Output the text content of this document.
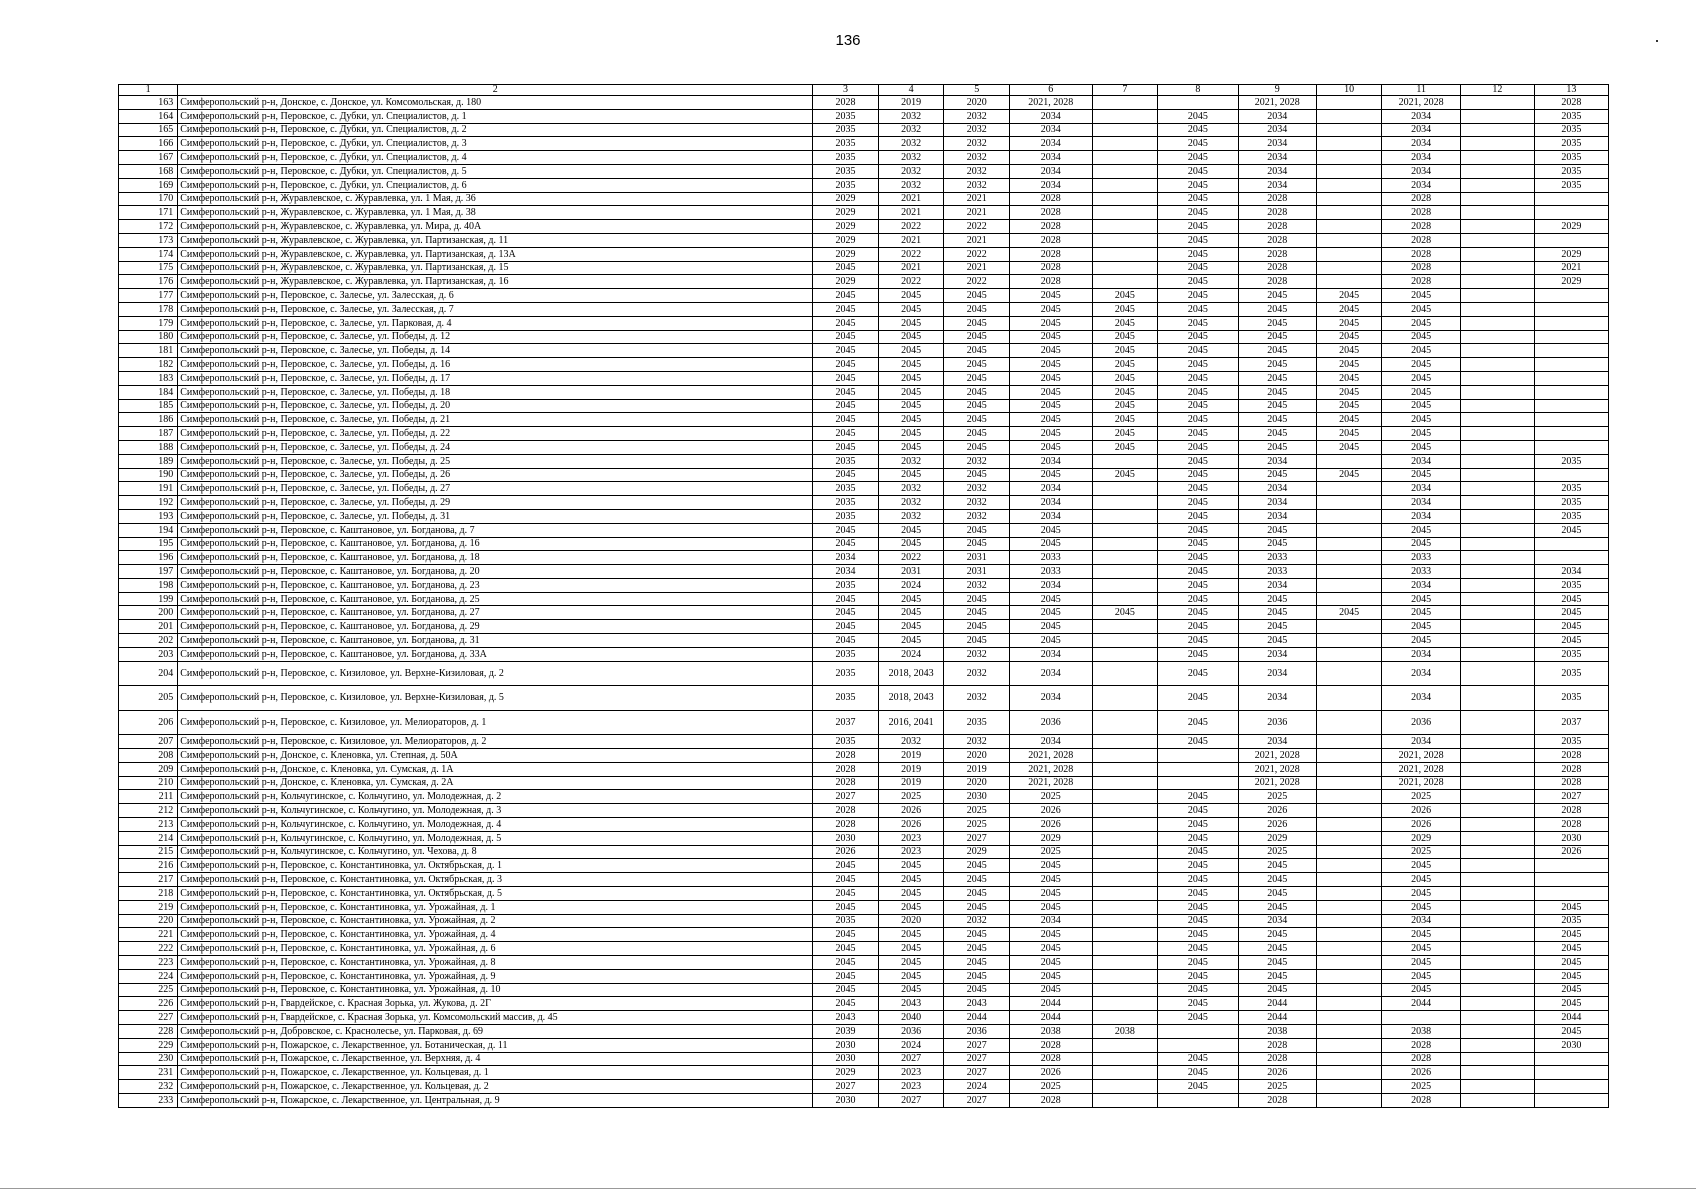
136
1	2	3	4	5	6	7	8	9	10	11	12	13
163	Симферопольский р-н, Донское, с. Донское, ул. Комсомольская, д. 180	2028	2019	2020	2021, 2028			2021, 2028		2021, 2028		2028
164	Симферопольский р-н, Перовское, с. Дубки, ул. Специалистов, д. 1	2035	2032	2032	2034		2045	2034		2034		2035
165	Симферопольский р-н, Перовское, с. Дубки, ул. Специалистов, д. 2	2035	2032	2032	2034		2045	2034		2034		2035
166	Симферопольский р-н, Перовское, с. Дубки, ул. Специалистов, д. 3	2035	2032	2032	2034		2045	2034		2034		2035
167	Симферопольский р-н, Перовское, с. Дубки, ул. Специалистов, д. 4	2035	2032	2032	2034		2045	2034		2034		2035
168	Симферопольский р-н, Перовское, с. Дубки, ул. Специалистов, д. 5	2035	2032	2032	2034		2045	2034		2034		2035
169	Симферопольский р-н, Перовское, с. Дубки, ул. Специалистов, д. 6	2035	2032	2032	2034		2045	2034		2034		2035
170	Симферопольский р-н, Журавлевское, с. Журавлевка, ул. 1 Мая, д. 36	2029	2021	2021	2028		2045	2028		2028		
171	Симферопольский р-н, Журавлевское, с. Журавлевка, ул. 1 Мая, д. 38	2029	2021	2021	2028		2045	2028		2028		
172	Симферопольский р-н, Журавлевское, с. Журавлевка, ул. Мира, д. 40А	2029	2022	2022	2028		2045	2028		2028		2029
173	Симферопольский р-н, Журавлевское, с. Журавлевка, ул. Партизанская, д. 11	2029	2021	2021	2028		2045	2028		2028		
174	Симферопольский р-н, Журавлевское, с. Журавлевка, ул. Партизанская, д. 13А	2029	2022	2022	2028		2045	2028		2028		2029
175	Симферопольский р-н, Журавлевское, с. Журавлевка, ул. Партизанская, д. 15	2045	2021	2021	2028		2045	2028		2028		2021
176	Симферопольский р-н, Журавлевское, с. Журавлевка, ул. Партизанская, д. 16	2029	2022	2022	2028		2045	2028		2028		2029
177	Симферопольский р-н, Перовское, с. Залесье, ул. Залесская, д. 6	2045	2045	2045	2045	2045	2045	2045	2045	2045		
178	Симферопольский р-н, Перовское, с. Залесье, ул. Залесская, д. 7	2045	2045	2045	2045	2045	2045	2045	2045	2045		
179	Симферопольский р-н, Перовское, с. Залесье, ул. Парковая, д. 4	2045	2045	2045	2045	2045	2045	2045	2045	2045		
180	Симферопольский р-н, Перовское, с. Залесье, ул. Победы, д. 12	2045	2045	2045	2045	2045	2045	2045	2045	2045		
181	Симферопольский р-н, Перовское, с. Залесье, ул. Победы, д. 14	2045	2045	2045	2045	2045	2045	2045	2045	2045		
182	Симферопольский р-н, Перовское, с. Залесье, ул. Победы, д. 16	2045	2045	2045	2045	2045	2045	2045	2045	2045		
183	Симферопольский р-н, Перовское, с. Залесье, ул. Победы, д. 17	2045	2045	2045	2045	2045	2045	2045	2045	2045		
184	Симферопольский р-н, Перовское, с. Залесье, ул. Победы, д. 18	2045	2045	2045	2045	2045	2045	2045	2045	2045		
185	Симферопольский р-н, Перовское, с. Залесье, ул. Победы, д. 20	2045	2045	2045	2045	2045	2045	2045	2045	2045		
186	Симферопольский р-н, Перовское, с. Залесье, ул. Победы, д. 21	2045	2045	2045	2045	2045	2045	2045	2045	2045		
187	Симферопольский р-н, Перовское, с. Залесье, ул. Победы, д. 22	2045	2045	2045	2045	2045	2045	2045	2045	2045		
188	Симферопольский р-н, Перовское, с. Залесье, ул. Победы, д. 24	2045	2045	2045	2045	2045	2045	2045	2045	2045		
189	Симферопольский р-н, Перовское, с. Залесье, ул. Победы, д. 25	2035	2032	2032	2034		2045	2034		2034		2035
190	Симферопольский р-н, Перовское, с. Залесье, ул. Победы, д. 26	2045	2045	2045	2045	2045	2045	2045	2045	2045		
191	Симферопольский р-н, Перовское, с. Залесье, ул. Победы, д. 27	2035	2032	2032	2034		2045	2034		2034		2035
192	Симферопольский р-н, Перовское, с. Залесье, ул. Победы, д. 29	2035	2032	2032	2034		2045	2034		2034		2035
193	Симферопольский р-н, Перовское, с. Залесье, ул. Победы, д. 31	2035	2032	2032	2034		2045	2034		2034		2035
194	Симферопольский р-н, Перовское, с. Каштановое, ул. Богданова, д. 7	2045	2045	2045	2045		2045	2045		2045		2045
195	Симферопольский р-н, Перовское, с. Каштановое, ул. Богданова, д. 16	2045	2045	2045	2045		2045	2045		2045		
196	Симферопольский р-н, Перовское, с. Каштановое, ул. Богданова, д. 18	2034	2022	2031	2033		2045	2033		2033		
197	Симферопольский р-н, Перовское, с. Каштановое, ул. Богданова, д. 20	2034	2031	2031	2033		2045	2033		2033		2034
198	Симферопольский р-н, Перовское, с. Каштановое, ул. Богданова, д. 23	2035	2024	2032	2034		2045	2034		2034		2035
199	Симферопольский р-н, Перовское, с. Каштановое, ул. Богданова, д. 25	2045	2045	2045	2045		2045	2045		2045		2045
200	Симферопольский р-н, Перовское, с. Каштановое, ул. Богданова, д. 27	2045	2045	2045	2045	2045	2045	2045	2045	2045		2045
201	Симферопольский р-н, Перовское, с. Каштановое, ул. Богданова, д. 29	2045	2045	2045	2045		2045	2045		2045		2045
202	Симферопольский р-н, Перовское, с. Каштановое, ул. Богданова, д. 31	2045	2045	2045	2045		2045	2045		2045		2045
203	Симферопольский р-н, Перовское, с. Каштановое, ул. Богданова, д. 33А	2035	2024	2032	2034		2045	2034		2034		2035
204	Симферопольский р-н, Перовское, с. Кизиловое, ул. Верхне-Кизиловая, д. 2	2035	2018, 2043	2032	2034		2045	2034		2034		2035
205	Симферопольский р-н, Перовское, с. Кизиловое, ул. Верхне-Кизиловая, д. 5	2035	2018, 2043	2032	2034		2045	2034		2034		2035
206	Симферопольский р-н, Перовское, с. Кизиловое, ул. Мелиораторов, д. 1	2037	2016, 2041	2035	2036		2045	2036		2036		2037
207	Симферопольский р-н, Перовское, с. Кизиловое, ул. Мелиораторов, д. 2	2035	2032	2032	2034		2045	2034		2034		2035
208	Симферопольский р-н, Донское, с. Кленовка, ул. Степная, д. 50А	2028	2019	2020	2021, 2028			2021, 2028		2021, 2028		2028
209	Симферопольский р-н, Донское, с. Кленовка, ул. Сумская, д. 1А	2028	2019	2019	2021, 2028			2021, 2028		2021, 2028		2028
210	Симферопольский р-н, Донское, с. Кленовка, ул. Сумская, д. 2А	2028	2019	2020	2021, 2028			2021, 2028		2021, 2028		2028
211	Симферопольский р-н, Кольчугинское, с. Кольчугино, ул. Молодежная, д. 2	2027	2025	2030	2025		2045	2025		2025		2027
212	Симферопольский р-н, Кольчугинское, с. Кольчугино, ул. Молодежная, д. 3	2028	2026	2025	2026		2045	2026		2026		2028
213	Симферопольский р-н, Кольчугинское, с. Кольчугино, ул. Молодежная, д. 4	2028	2026	2025	2026		2045	2026		2026		2028
214	Симферопольский р-н, Кольчугинское, с. Кольчугино, ул. Молодежная, д. 5	2030	2023	2027	2029		2045	2029		2029		2030
215	Симферопольский р-н, Кольчугинское, с. Кольчугино, ул. Чехова, д. 8	2026	2023	2029	2025		2045	2025		2025		2026
216	Симферопольский р-н, Перовское, с. Константиновка, ул. Октябрьская, д. 1	2045	2045	2045	2045		2045	2045		2045		
217	Симферопольский р-н, Перовское, с. Константиновка, ул. Октябрьская, д. 3	2045	2045	2045	2045		2045	2045		2045		
218	Симферопольский р-н, Перовское, с. Константиновка, ул. Октябрьская, д. 5	2045	2045	2045	2045		2045	2045		2045		
219	Симферопольский р-н, Перовское, с. Константиновка, ул. Урожайная, д. 1	2045	2045	2045	2045		2045	2045		2045		2045
220	Симферопольский р-н, Перовское, с. Константиновка, ул. Урожайная, д. 2	2035	2020	2032	2034		2045	2034		2034		2035
221	Симферопольский р-н, Перовское, с. Константиновка, ул. Урожайная, д. 4	2045	2045	2045	2045		2045	2045		2045		2045
222	Симферопольский р-н, Перовское, с. Константиновка, ул. Урожайная, д. 6	2045	2045	2045	2045		2045	2045		2045		2045
223	Симферопольский р-н, Перовское, с. Константиновка, ул. Урожайная, д. 8	2045	2045	2045	2045		2045	2045		2045		2045
224	Симферопольский р-н, Перовское, с. Константиновка, ул. Урожайная, д. 9	2045	2045	2045	2045		2045	2045		2045		2045
225	Симферопольский р-н, Перовское, с. Константиновка, ул. Урожайная, д. 10	2045	2045	2045	2045		2045	2045		2045		2045
226	Симферопольский р-н, Гвардейское, с. Красная Зорька, ул. Жукова, д. 2Г	2045	2043	2043	2044		2045	2044		2044		2045
227	Симферопольский р-н, Гвардейское, с. Красная Зорька, ул. Комсомольский массив, д. 45	2043	2040	2044	2044		2045	2044				2044
228	Симферопольский р-н, Добровское, с. Краснолесье, ул. Парковая, д. 69	2039	2036	2036	2038	2038		2038		2038		2045
229	Симферопольский р-н, Пожарское, с. Лекарственное, ул. Ботаническая, д. 11	2030	2024	2027	2028			2028		2028		2030
230	Симферопольский р-н, Пожарское, с. Лекарственное, ул. Верхняя, д. 4	2030	2027	2027	2028		2045	2028		2028		
231	Симферопольский р-н, Пожарское, с. Лекарственное, ул. Кольцевая, д. 1	2029	2023	2027	2026		2045	2026		2026		
232	Симферопольский р-н, Пожарское, с. Лекарственное, ул. Кольцевая, д. 2	2027	2023	2024	2025		2045	2025		2025		
233	Симферопольский р-н, Пожарское, с. Лекарственное, ул. Центральная, д. 9	2030	2027	2027	2028			2028		2028		
